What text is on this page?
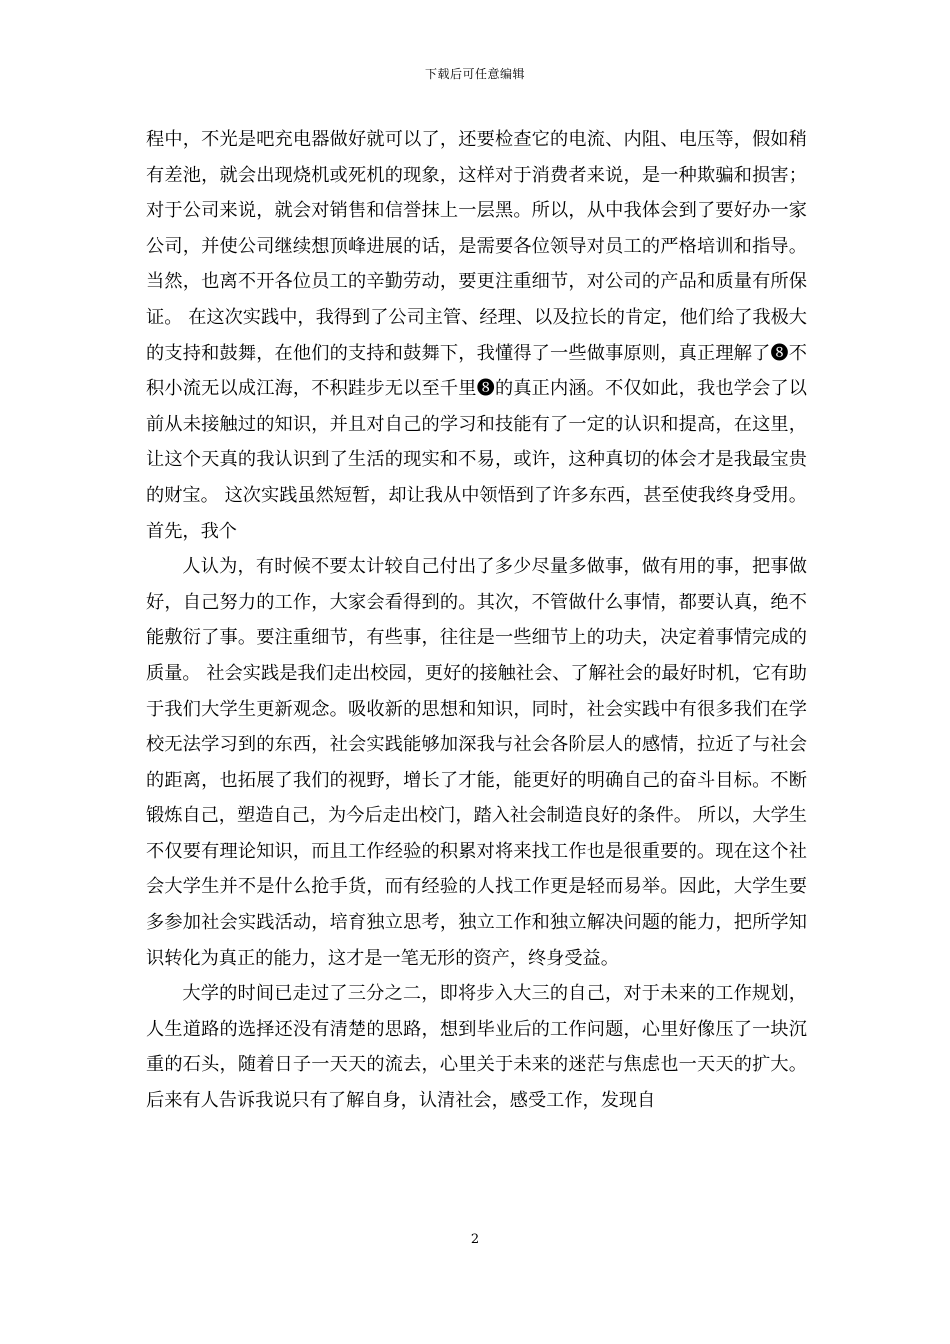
下载后可任意编辑

程中，不光是吧充电器做好就可以了，还要检查它的电流、内阻、电压等，假如稍有差池，就会出现烧机或死机的现象，这样对于消费者来说，是一种欺骗和损害；对于公司来说，就会对销售和信誉抹上一层黑。所以，从中我体会到了要好办一家公司，并使公司继续想顶峰进展的话，是需要各位领导对员工的严格培训和指导。当然，也离不开各位员工的辛勤劳动，要更注重细节，对公司的产品和质量有所保证。 在这次实践中，我得到了公司主管、经理、以及拉长的肯定，他们给了我极大的支持和鼓舞，在他们的支持和鼓舞下，我懂得了一些做事原则，真正理解了❽不积小流无以成江海，不积跬步无以至千里❽的真正内涵。不仅如此，我也学会了以前从未接触过的知识，并且对自己的学习和技能有了一定的认识和提高，在这里，让这个天真的我认识到了生活的现实和不易，或许，这种真切的体会才是我最宝贵的财宝。 这次实践虽然短暂，却让我从中领悟到了许多东西，甚至使我终身受用。首先，我个

人认为，有时候不要太计较自己付出了多少尽量多做事，做有用的事，把事做好，自己努力的工作，大家会看得到的。其次，不管做什么事情，都要认真，绝不能敷衍了事。要注重细节，有些事，往往是一些细节上的功夫，决定着事情完成的质量。 社会实践是我们走出校园，更好的接触社会、了解社会的最好时机，它有助于我们大学生更新观念。吸收新的思想和知识，同时，社会实践中有很多我们在学校无法学习到的东西，社会实践能够加深我与社会各阶层人的感情，拉近了与社会的距离，也拓展了我们的视野，增长了才能，能更好的明确自己的奋斗目标。不断锻炼自己，塑造自己，为今后走出校门，踏入社会制造良好的条件。 所以，大学生不仅要有理论知识，而且工作经验的积累对将来找工作也是很重要的。现在这个社会大学生并不是什么抢手货，而有经验的人找工作更是轻而易举。因此，大学生要多参加社会实践活动，培育独立思考，独立工作和独立解决问题的能力，把所学知识转化为真正的能力，这才是一笔无形的资产，终身受益。

大学的时间已走过了三分之二，即将步入大三的自己，对于未来的工作规划，人生道路的选择还没有清楚的思路，想到毕业后的工作问题，心里好像压了一块沉重的石头，随着日子一天天的流去，心里关于未来的迷茫与焦虑也一天天的扩大。后来有人告诉我说只有了解自身，认清社会，感受工作，发现自

2
